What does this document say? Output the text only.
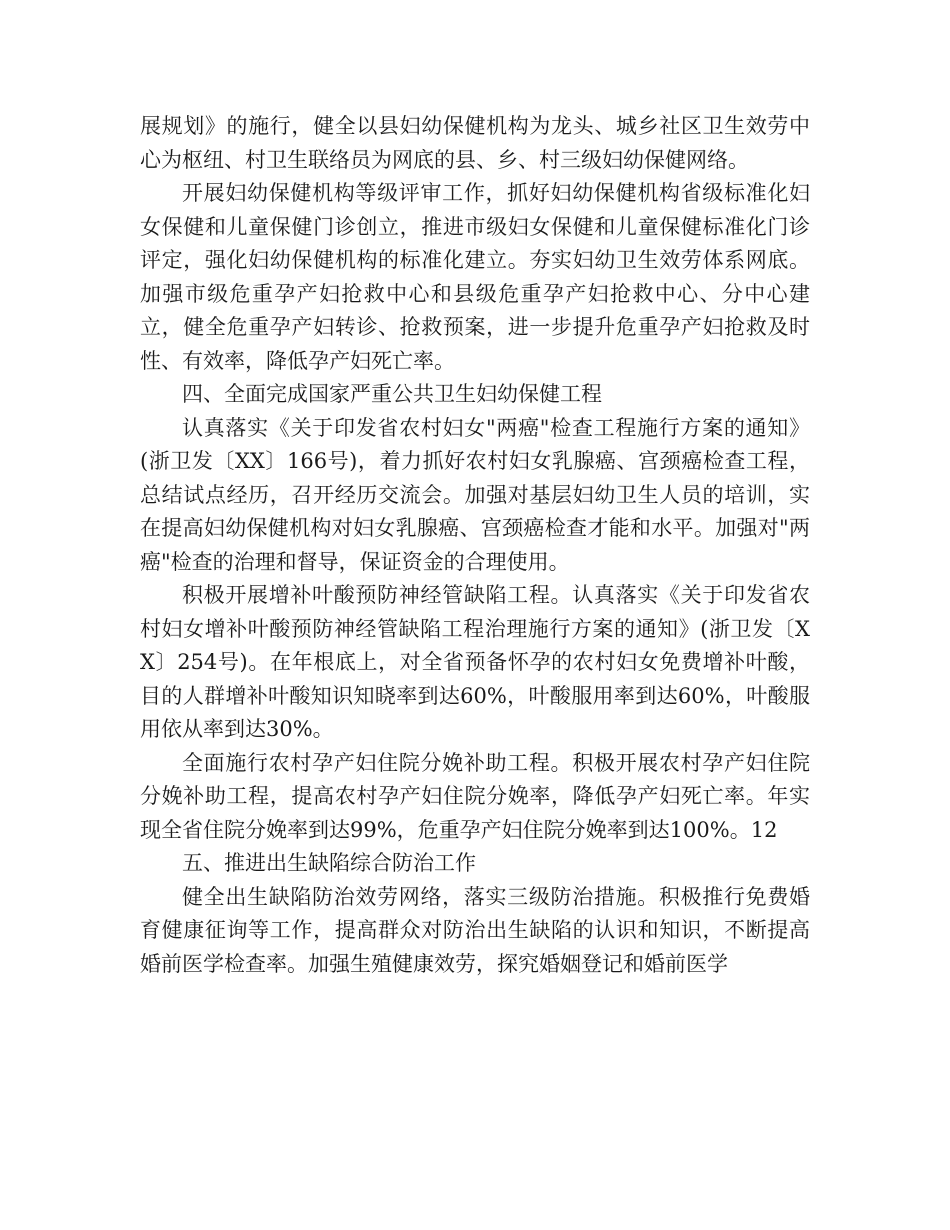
展规划》的施行，健全以县妇幼保健机构为龙头、城乡社区卫生效劳中心为枢纽、村卫生联络员为网底的县、乡、村三级妇幼保健网络。

开展妇幼保健机构等级评审工作，抓好妇幼保健机构省级标准化妇女保健和儿童保健门诊创立，推进市级妇女保健和儿童保健标准化门诊评定，强化妇幼保健机构的标准化建立。夯实妇幼卫生效劳体系网底。加强市级危重孕产妇抢救中心和县级危重孕产妇抢救中心、分中心建立，健全危重孕产妇转诊、抢救预案，进一步提升危重孕产妇抢救及时性、有效率，降低孕产妇死亡率。

四、全面完成国家严重公共卫生妇幼保健工程

认真落实《关于印发省农村妇女"两癌"检查工程施行方案的通知》(浙卫发〔XX〕166号)，着力抓好农村妇女乳腺癌、宫颈癌检查工程，总结试点经历，召开经历交流会。加强对基层妇幼卫生人员的培训，实在提高妇幼保健机构对妇女乳腺癌、宫颈癌检查才能和水平。加强对"两癌"检查的治理和督导，保证资金的合理使用。

积极开展增补叶酸预防神经管缺陷工程。认真落实《关于印发省农村妇女增补叶酸预防神经管缺陷工程治理施行方案的通知》(浙卫发〔XX〕254号)。在年根底上，对全省预备怀孕的农村妇女免费增补叶酸，目的人群增补叶酸知识知晓率到达60%，叶酸服用率到达60%，叶酸服用依从率到达30%。

全面施行农村孕产妇住院分娩补助工程。积极开展农村孕产妇住院分娩补助工程，提高农村孕产妇住院分娩率，降低孕产妇死亡率。年实现全省住院分娩率到达99%，危重孕产妇住院分娩率到达100%。12

五、推进出生缺陷综合防治工作

健全出生缺陷防治效劳网络，落实三级防治措施。积极推行免费婚育健康征询等工作，提高群众对防治出生缺陷的认识和知识，不断提高婚前医学检查率。加强生殖健康效劳，探究婚姻登记和婚前医学
